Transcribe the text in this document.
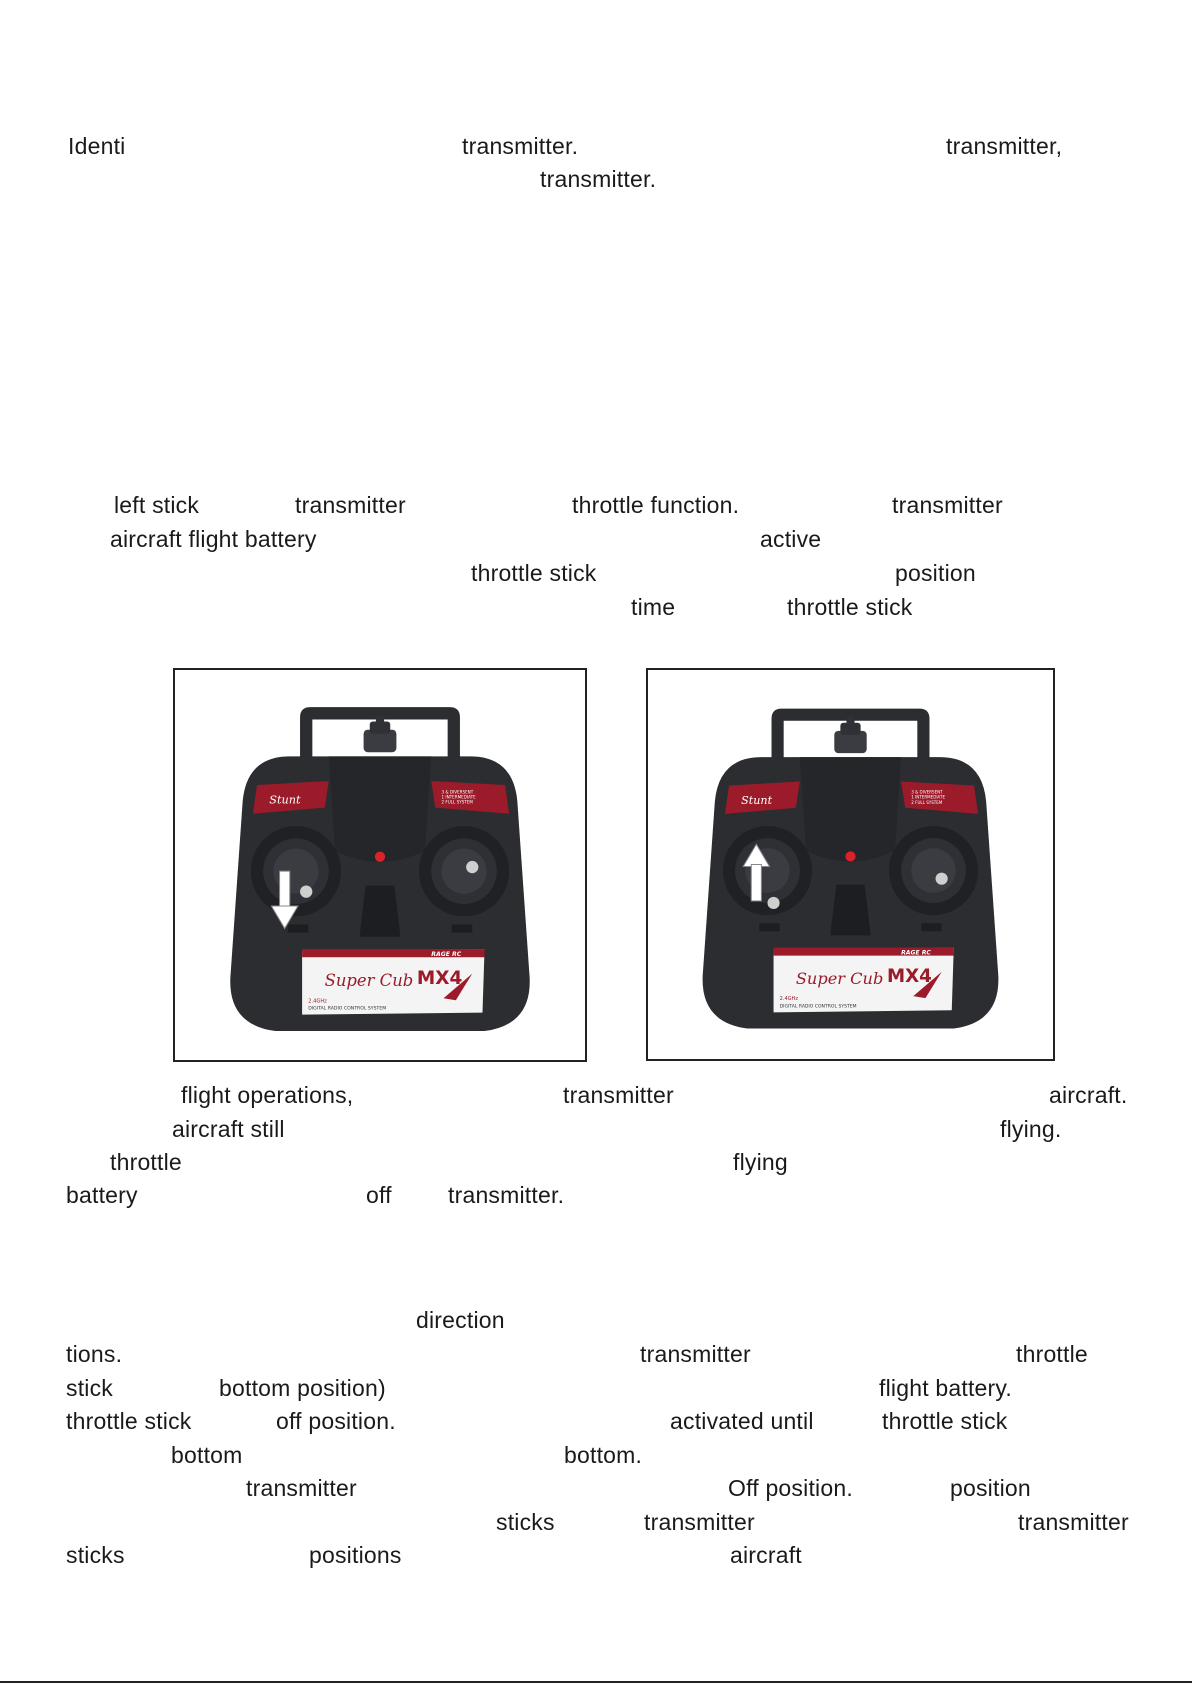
Identi	transmitter.	transmitter,
transmitter.
left stick	transmitter	throttle function.	transmitter
aircraft flight battery	active
throttle stick	position
time	throttle stick
Stunt
3 & DIVERSENT
1 INTERMEDIATE
2 FULL SYSTEM
RAGE RC
Super Cub MX4
2.4GHz
DIGITAL RADIO CONTROL SYSTEM
Stunt
3 & DIVERSENT
1 INTERMEDIATE
2 FULL SYSTEM
RAGE RC
Super Cub MX4
2.4GHz
DIGITAL RADIO CONTROL SYSTEM
flight operations,	transmitter	aircraft.
aircraft still	flying.
throttle	flying
battery	off transmitter.
direction
tions.	transmitter	throttle
stick	bottom position)	flight battery.
throttle stick	off position.	activated until	throttle stick
bottom	bottom.
transmitter	Off position.	position
sticks	transmitter	transmitter
sticks	positions	aircraft
